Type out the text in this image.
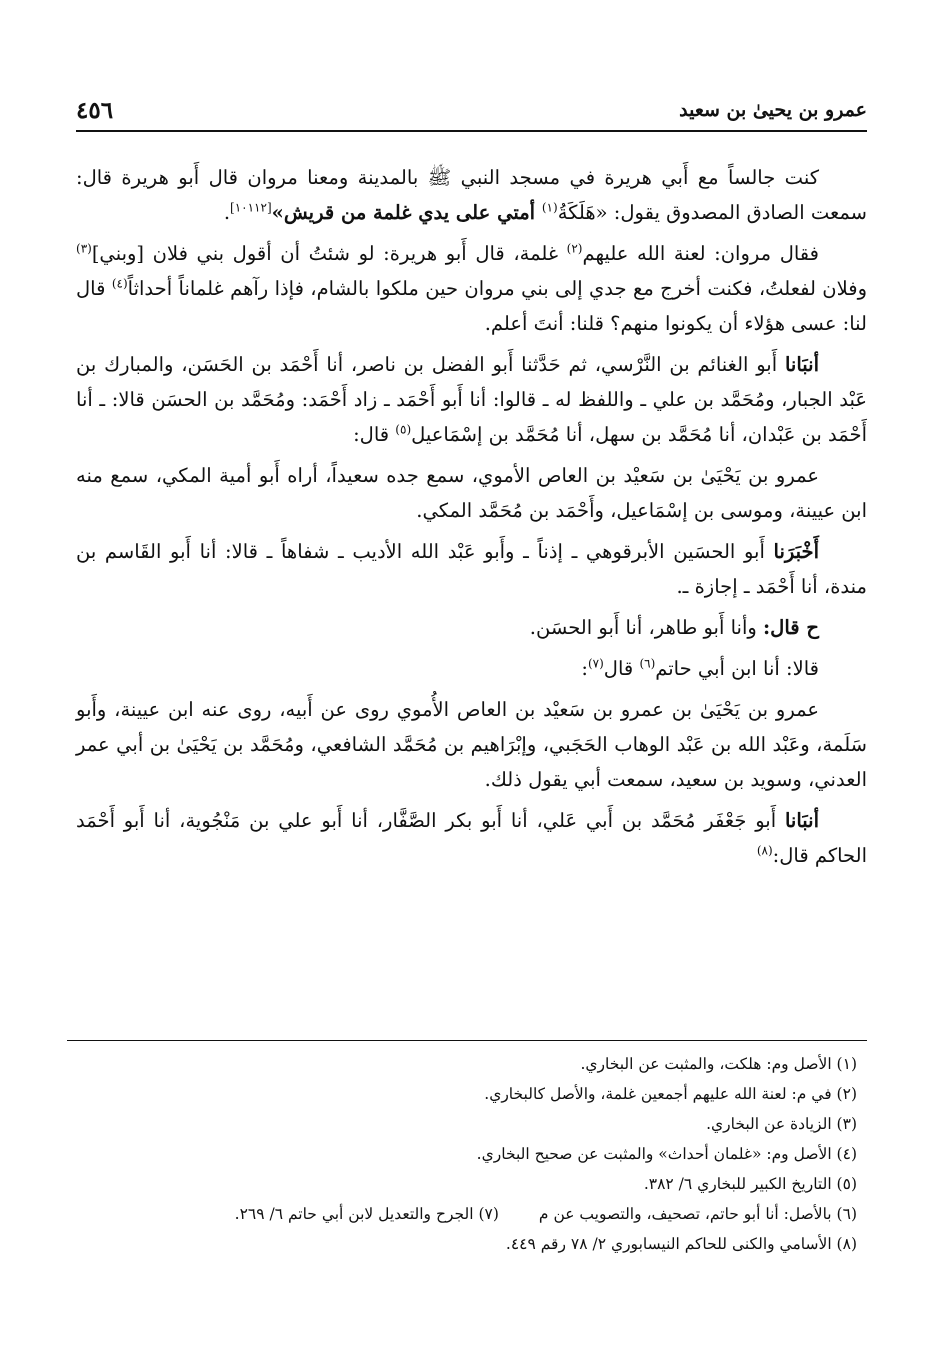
عمرو بن يحيىٰ بن سعيد
٤٥٦

كنت جالساً مع أَبي هريرة في مسجد النبي ﷺ بالمدينة ومعنا مروان قال أَبو هريرة قال: سمعت الصادق المصدوق يقول: «هَلَكَةُ$^{(١)}$ أمتي على يدي غلمة من قريش»[١٠١١٢].

فقال مروان: لعنة الله عليهم$^{(٢)}$ غلمة، قال أَبو هريرة: لو شئتُ أن أقول بني فلان [وبني]$^{(٣)}$ وفلان لفعلتُ، فكنت أخرج مع جدي إلى بني مروان حين ملكوا بالشام، فإذا رآهم غلماناً أحداثاً$^{(٤)}$ قال لنا: عسى هؤلاء أن يكونوا منهم؟ قلنا: أنتَ أعلم.

أنبَانا أَبو الغنائم بن النَّرْسي، ثم حَدَّثنا أَبو الفضل بن ناصر، أنا أَحْمَد بن الحَسَن، والمبارك بن عَبْد الجبار، ومُحَمَّد بن علي ـ واللفظ له ـ قالوا: أنا أَبو أَحْمَد ـ زاد أَحْمَد: ومُحَمَّد بن الحسَن قالا: ـ أنا أَحْمَد بن عَبْدان، أنا مُحَمَّد بن سهل، أنا مُحَمَّد بن إسْمَاعيل$^{(٥)}$ قال:

عمرو بن يَحْيَىٰ بن سَعيْد بن العاص الأموي، سمع جده سعيداً، أراه أَبو أمية المكي، سمع منه ابن عيينة، وموسى بن إسْمَاعيل، وأَحْمَد بن مُحَمَّد المكي.

أَخْبَرَنا أَبو الحسَين الأبرقوهي ـ إذناً ـ وأَبو عَبْد الله الأديب ـ شفاهاً ـ قالا: أنا أَبو القَاسم بن مندة، أنا أَحْمَد ـ إجازة ـ.

ح قال: وأنا أَبو طاهر، أنا أَبو الحسَن.

قالا: أنا ابن أبي حاتم$^{(٦)}$ قال$^{(٧)}$:

عمرو بن يَحْيَىٰ بن عمرو بن سَعيْد بن العاص الأُموي روى عن أَبيه، روى عنه ابن عيينة، وأَبو سَلَمة، وعَبْد الله بن عَبْد الوهاب الحَجَبي، وإبْرَاهيم بن مُحَمَّد الشافعي، ومُحَمَّد بن يَحْيَىٰ بن أبي عمر العدني، وسويد بن سعيد، سمعت أبي يقول ذلك.

أنبَانا أَبو جَعْفَر مُحَمَّد بن أَبي عَلي، أنا أَبو بكر الصَّفَّار، أنا أَبو علي بن مَنْجُوية، أنا أَبو أَحْمَد الحاكم قال:$^{(٨)}$

(١) الأصل وم: هلكت، والمثبت عن البخاري.
(٢) في م: لعنة الله عليهم أجمعين غلمة، والأصل كالبخاري.
(٣) الزيادة عن البخاري.
(٤) الأصل وم: «غلمان أحداث» والمثبت عن صحيح البخاري.
(٥) التاريخ الكبير للبخاري ٦/ ٣٨٢.
(٦) بالأصل: أنا أبو حاتم، تصحيف، والتصويب عن م
(٧) الجرح والتعديل لابن أبي حاتم ٦/ ٢٦٩.
(٨) الأسامي والكنى للحاكم النيسابوري ٢/ ٧٨ رقم ٤٤٩.
